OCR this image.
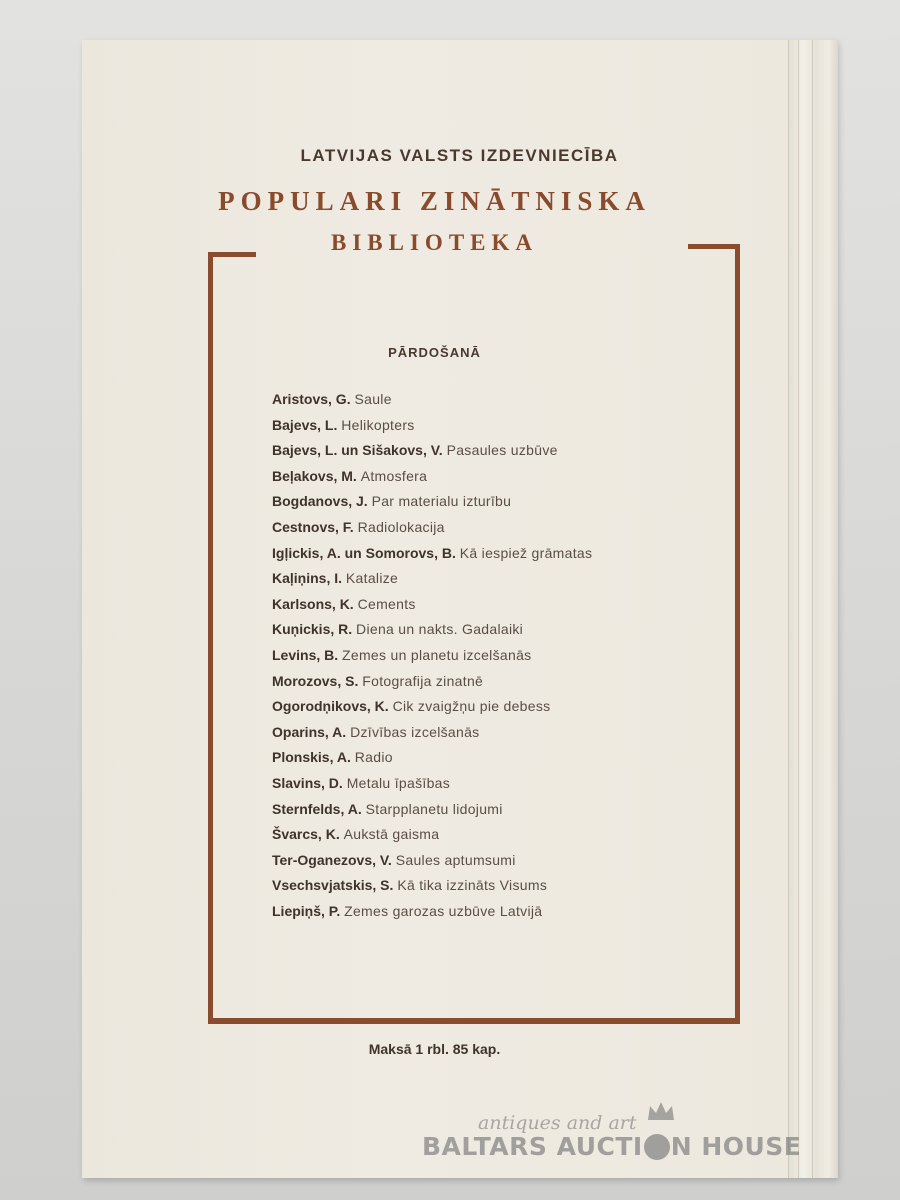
LATVIJAS VALSTS IZDEVNIECĪBA
POPULARI ZINĀTNISKA
BIBLIOTEKA
PĀRDOŠANĀ
Aristovs, G. Saule
Bajevs, L. Helikopters
Bajevs, L. un Sišakovs, V. Pasaules uzbūve
Beļakovs, M. Atmosfera
Bogdanovs, J. Par materialu izturību
Cestnovs, F. Radiolokacija
Igļickis, A. un Somorovs, B. Kā iespiež grāmatas
Kaļiņins, I. Katalize
Karlsons, K. Cements
Kuņickis, R. Diena un nakts. Gadalaiki
Levins, B. Zemes un planetu izcelšanās
Morozovs, S. Fotografija zinatnē
Ogorodņikovs, K. Cik zvaigžņu pie debess
Oparins, A. Dzīvības izcelšanās
Plonskis, A. Radio
Slavins, D. Metalu īpašības
Sternfelds, A. Starpplanetu lidojumi
Švarcs, K. Aukstā gaisma
Ter-Oganezovs, V. Saules aptumsumi
Vsechsvjatskis, S. Kā tika izzināts Visums
Liepiņš, P. Zemes garozas uzbūve Latvijā
Maksā 1 rbl. 85 kap.
antiques and art
BALTARS AUCTI N HOUSE
